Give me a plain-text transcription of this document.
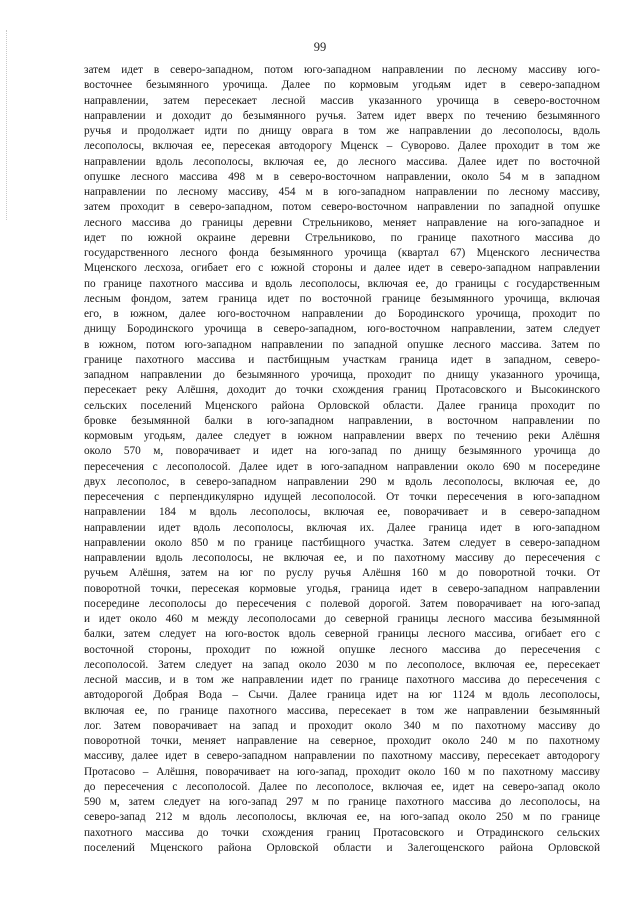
99
затем идет в северо-западном, потом юго-западном направлении по лесному массиву юго-
восточнее безымянного урочища. Далее по кормовым угодьям идет в северо-западном
направлении, затем пересекает лесной массив указанного урочища в северо-восточном
направлении и доходит до безымянного ручья. Затем идет вверх по течению безымянного
ручья и продолжает идти по днищу оврага в том же направлении до лесополосы, вдоль
лесополосы, включая ее, пересекая автодорогу Мценск – Суворово. Далее проходит в том же
направлении вдоль лесополосы, включая ее, до лесного массива. Далее идет по восточной
опушке лесного массива 498 м в северо-восточном направлении, около 54 м в западном
направлении по лесному массиву, 454 м в юго-западном направлении по лесному массиву,
затем проходит в северо-западном, потом северо-восточном направлении по западной опушке
лесного массива до границы деревни Стрельниково, меняет направление на юго-западное и
идет по южной окраине деревни Стрельниково, по границе пахотного массива до
государственного лесного фонда безымянного урочища (квартал 67) Мценского лесничества
Мценского лесхоза, огибает его с южной стороны и далее идет в северо-западном направлении
по границе пахотного массива и вдоль лесополосы, включая ее, до границы с государственным
лесным фондом, затем граница идет по восточной границе безымянного урочища, включая
его, в южном, далее юго-восточном направлении до Бородинского урочища, проходит по
днищу Бородинского урочища в северо-западном, юго-восточном направлении, затем следует
в южном, потом юго-западном направлении по западной опушке лесного массива. Затем по
границе пахотного массива и пастбищным участкам граница идет в западном, северо-
западном направлении до безымянного урочища, проходит по днищу указанного урочища,
пересекает реку Алёшня, доходит до точки схождения границ Протасовского и Высокинского
сельских поселений Мценского района Орловской области. Далее граница проходит по
бровке безымянной балки в юго-западном направлении, в восточном направлении по
кормовым угодьям, далее следует в южном направлении вверх по течению реки Алёшня
около 570 м, поворачивает и идет на юго-запад по днищу безымянного урочища до
пересечения с лесополосой. Далее идет в юго-западном направлении около 690 м посередине
двух лесополос, в северо-западном направлении 290 м вдоль лесополосы, включая ее, до
пересечения с перпендикулярно идущей лесополосой. От точки пересечения в юго-западном
направлении 184 м вдоль лесополосы, включая ее, поворачивает и в северо-западном
направлении идет вдоль лесополосы, включая их. Далее граница идет в юго-западном
направлении около 850 м по границе пастбищного участка. Затем следует в северо-западном
направлении вдоль лесополосы, не включая ее, и по пахотному массиву до пересечения с
ручьем Алёшня, затем на юг по руслу ручья Алёшня 160 м до поворотной точки. От
поворотной точки, пересекая кормовые угодья, граница идет в северо-западном направлении
посередине лесополосы до пересечения с полевой дорогой. Затем поворачивает на юго-запад
и идет около 460 м между лесополосами до северной границы лесного массива безымянной
балки, затем следует на юго-восток вдоль северной границы лесного массива, огибает его с
восточной стороны, проходит по южной опушке лесного массива до пересечения с
лесополосой. Затем следует на запад около 2030 м по лесополосе, включая ее, пересекает
лесной массив, и в том же направлении идет по границе пахотного массива до пересечения с
автодорогой Добрая Вода – Сычи. Далее граница идет на юг 1124 м вдоль лесополосы,
включая ее, по границе пахотного массива, пересекает в том же направлении безымянный
лог. Затем поворачивает на запад и проходит около 340 м по пахотному массиву до
поворотной точки, меняет направление на северное, проходит около 240 м по пахотному
массиву, далее идет в северо-западном направлении по пахотному массиву, пересекает автодорогу
Протасово – Алёшня, поворачивает на юго-запад, проходит около 160 м по пахотному массиву
до пересечения с лесополосой. Далее по лесополосе, включая ее, идет на северо-запад около
590 м, затем следует на юго-запад 297 м по границе пахотного массива до лесополосы, на
северо-запад 212 м вдоль лесополосы, включая ее, на юго-запад около 250 м по границе
пахотного массива до точки схождения границ Протасовского и Отрадинского сельских
поселений Мценского района Орловской области и Залегощенского района Орловской
